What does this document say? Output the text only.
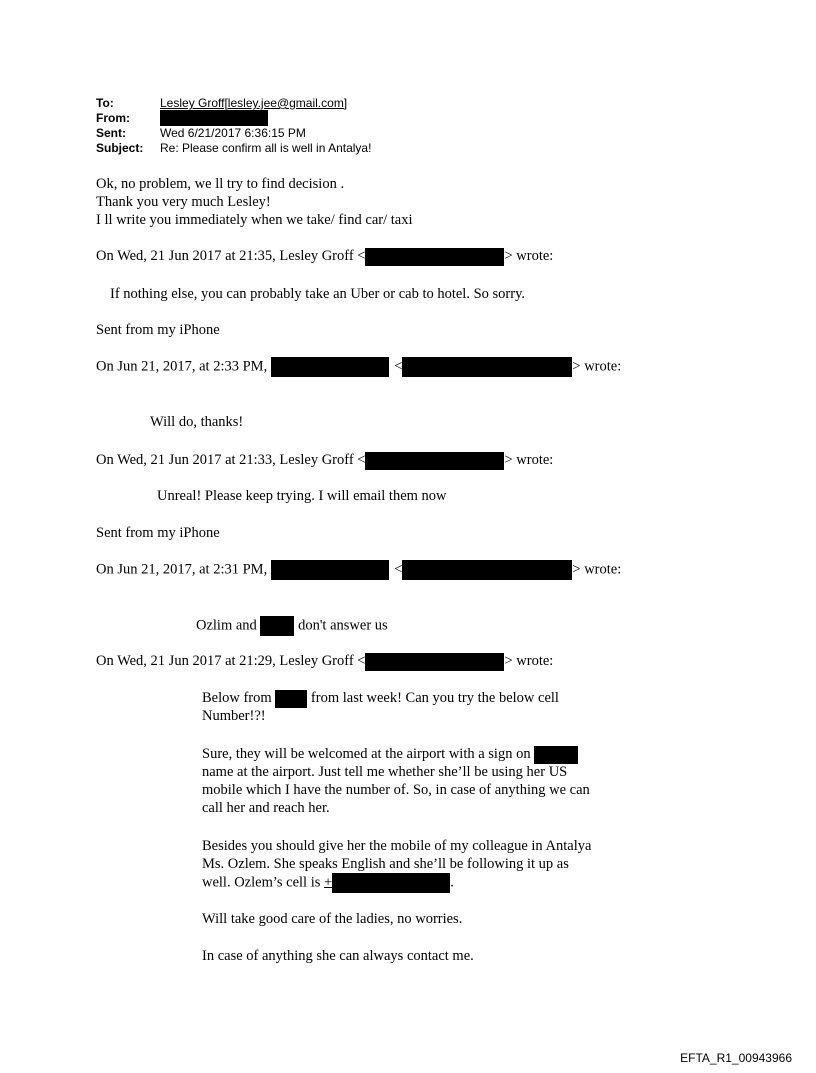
To:	Lesley Groff[lesley.jee@gmail.com]
From:
Sent:	Wed 6/21/2017 6:36:15 PM
Subject:	Re: Please confirm all is well in Antalya!
Ok, no problem, we ll try to find decision .
Thank you very much Lesley!
I ll write you immediately when we take/ find car/ taxi
On Wed, 21 Jun 2017 at 21:35, Lesley Groff <	> wrote:
If nothing else, you can probably take an Uber or cab to hotel. So sorry.
Sent from my iPhone
On Jun 21, 2017, at 2:33 PM,	<	> wrote:
Will do, thanks!
On Wed, 21 Jun 2017 at 21:33, Lesley Groff <	> wrote:
Unreal! Please keep trying. I will email them now
Sent from my iPhone
On Jun 21, 2017, at 2:31 PM,	<	> wrote:
Ozlim and	don't answer us
On Wed, 21 Jun 2017 at 21:29, Lesley Groff <	> wrote:
Below from	from last week! Can you try the below cell
Number!?!
Sure, they will be welcomed at the airport with a sign on
name at the airport. Just tell me whether she’ll be using her US
mobile which I have the number of. So, in case of anything we can
call her and reach her.
Besides you should give her the mobile of my colleague in Antalya
Ms. Ozlem. She speaks English and she’ll be following it up as
well. Ozlem’s cell is +	.
Will take good care of the ladies, no worries.
In case of anything she can always contact me.
EFTA_R1_00943966
